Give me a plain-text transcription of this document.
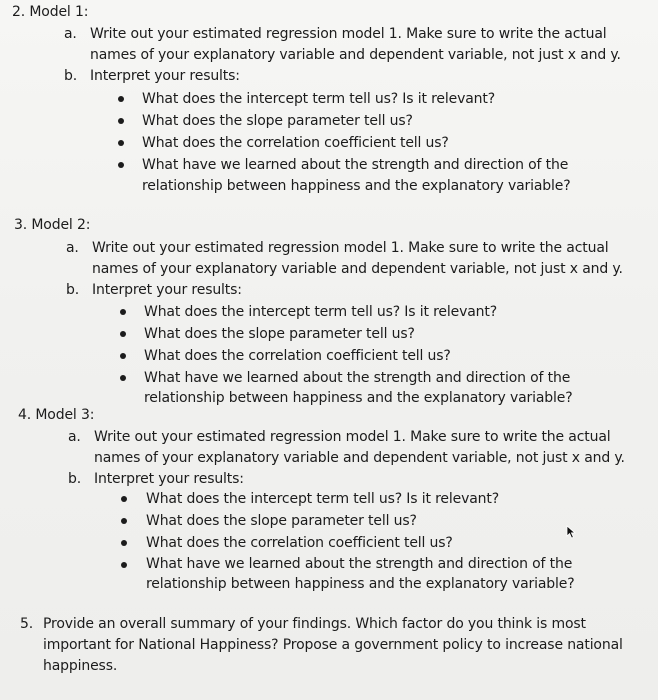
2. Model 1:
a. Write out your estimated regression model 1. Make sure to write the actual
names of your explanatory variable and dependent variable, not just x and y.
b. Interpret your results:
What does the intercept term tell us? Is it relevant?
What does the slope parameter tell us?
What does the correlation coefficient tell us?
What have we learned about the strength and direction of the
relationship between happiness and the explanatory variable?
3. Model 2:
a. Write out your estimated regression model 1. Make sure to write the actual
names of your explanatory variable and dependent variable, not just x and y.
b. Interpret your results:
What does the intercept term tell us? Is it relevant?
What does the slope parameter tell us?
What does the correlation coefficient tell us?
What have we learned about the strength and direction of the
relationship between happiness and the explanatory variable?
4. Model 3:
a. Write out your estimated regression model 1. Make sure to write the actual
names of your explanatory variable and dependent variable, not just x and y.
b. Interpret your results:
What does the intercept term tell us? Is it relevant?
What does the slope parameter tell us?
What does the correlation coefficient tell us?
What have we learned about the strength and direction of the
relationship between happiness and the explanatory variable?
5. Provide an overall summary of your findings. Which factor do you think is most
important for National Happiness? Propose a government policy to increase national
happiness.
